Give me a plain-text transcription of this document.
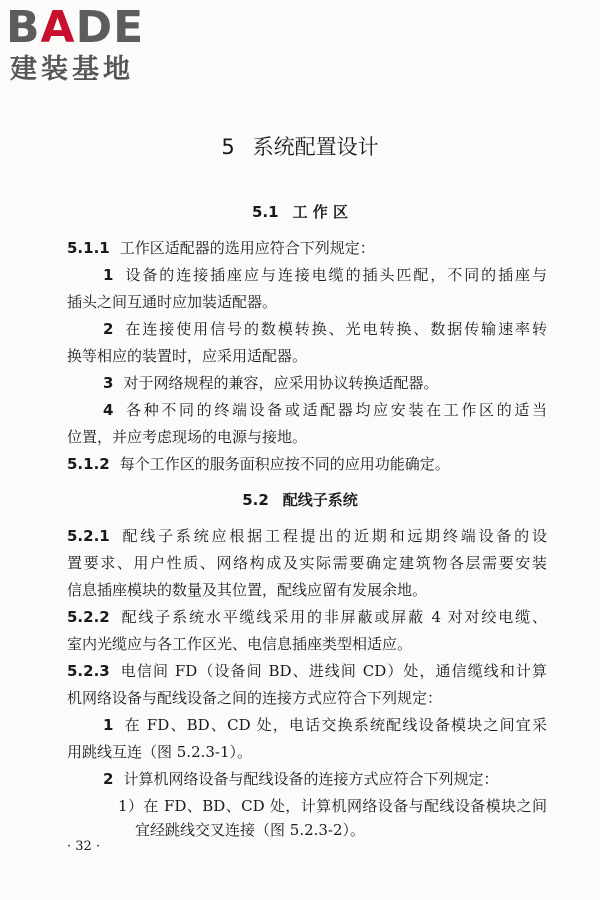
BADE
建装基地
5 系统配置设计
5.1 工 作 区
5.1.1 工作区适配器的选用应符合下列规定：
1 设备的连接插座应与连接电缆的插头匹配，不同的插座与
插头之间互通时应加装适配器。
2 在连接使用信号的数模转换、光电转换、数据传输速率转
换等相应的装置时，应采用适配器。
3 对于网络规程的兼容，应采用协议转换适配器。
4 各种不同的终端设备或适配器均应安装在工作区的适当
位置，并应考虑现场的电源与接地。
5.1.2 每个工作区的服务面积应按不同的应用功能确定。
5.2 配线子系统
5.2.1 配线子系统应根据工程提出的近期和远期终端设备的设
置要求、用户性质、网络构成及实际需要确定建筑物各层需要安装
信息插座模块的数量及其位置，配线应留有发展余地。
5.2.2 配线子系统水平缆线采用的非屏蔽或屏蔽 4 对对绞电缆、
室内光缆应与各工作区光、电信息插座类型相适应。
5.2.3 电信间 FD（设备间 BD、进线间 CD）处，通信缆线和计算
机网络设备与配线设备之间的连接方式应符合下列规定：
1 在 FD、BD、CD 处，电话交换系统配线设备模块之间宜采
用跳线互连（图 5.2.3-1）。
2 计算机网络设备与配线设备的连接方式应符合下列规定：
1）在 FD、BD、CD 处，计算机网络设备与配线设备模块之间
宜经跳线交叉连接（图 5.2.3-2）。
· 32 ·
